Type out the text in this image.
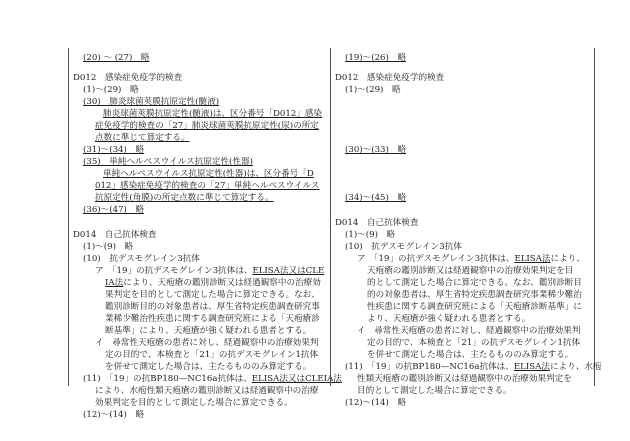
(20) ～ (27)　略
D012　感染症免疫学的検査
(1)～(29)　略
(30)　肺炎球菌莢膜抗原定性(髄液)
肺炎球菌莢膜抗原定性(髄液)は、区分番号「D012」感染
症免疫学的検査の「27」肺炎球菌莢膜抗原定性(尿)の所定
点数に準じて算定する。
(31)～(34)　略
(35)　単純ヘルペスウイルス抗原定性(性器)
単純ヘルペスウイルス抗原定性(性器)は、区分番号「D
012」感染症免疫学的検査の「27」単純ヘルペスウイルス
抗原定性(角膜)の所定点数に準じて算定する。
(36)～(47)　略
D014　自己抗体検査
(1)～(9)　略
(10)　抗デスモグレイン3抗体
ア　「19」の抗デスモグレイン3抗体は、ELISA法又はCLE
IA法により、天疱瘡の鑑別診断又は経過観察中の治療効
果判定を目的として測定した場合に算定できる。なお、
鑑別診断目的の対象患者は、厚生省特定疾患調査研究事
業稀少難治性疾患に関する調査研究班による「天疱瘡診
断基準」により、天疱瘡が強く疑われる患者とする。
イ　尋常性天疱瘡の患者に対し、経過観察中の治療効果判
定の目的で、本検査と「21」の抗デスモグレイン1抗体
を併せて測定した場合は、主たるもののみ算定する。
(11)　「19」の抗BP180—NC16a抗体は、ELISA法又はCLEIA法
により、水疱性類天疱瘡の鑑別診断又は経過観察中の治療
効果判定を目的として測定した場合に算定できる。
(12)～(14)　略
(19)～(26)　略
D012　感染症免疫学的検査
(1)～(29)　略
(30)～(33)　略
(34)～(45)　略
D014　自己抗体検査
(1)～(9)　略
(10)　抗デスモグレイン3抗体
ア　「19」の抗デスモグレイン3抗体は、ELISA法により、
天疱瘡の鑑別診断又は経過観察中の治療効果判定を目
的として測定した場合に算定できる。なお、鑑別診断目
的の対象患者は、厚生省特定疾患調査研究事業稀少難治
性疾患に関する調査研究班による「天疱瘡診断基準」に
より、天疱瘡が強く疑われる患者とする。
イ　尋常性天疱瘡の患者に対し、経過観察中の治療効果判
定の目的で、本検査と「21」の抗デスモグレイン1抗体
を併せて測定した場合は、主たるもののみ算定する。
(11)　「19」の抗BP180—NC16a抗体は、ELISA法により、水疱
性類天疱瘡の鑑別診断又は経過観察中の治療効果判定を
目的として測定した場合に算定できる。
(12)～(14)　略
